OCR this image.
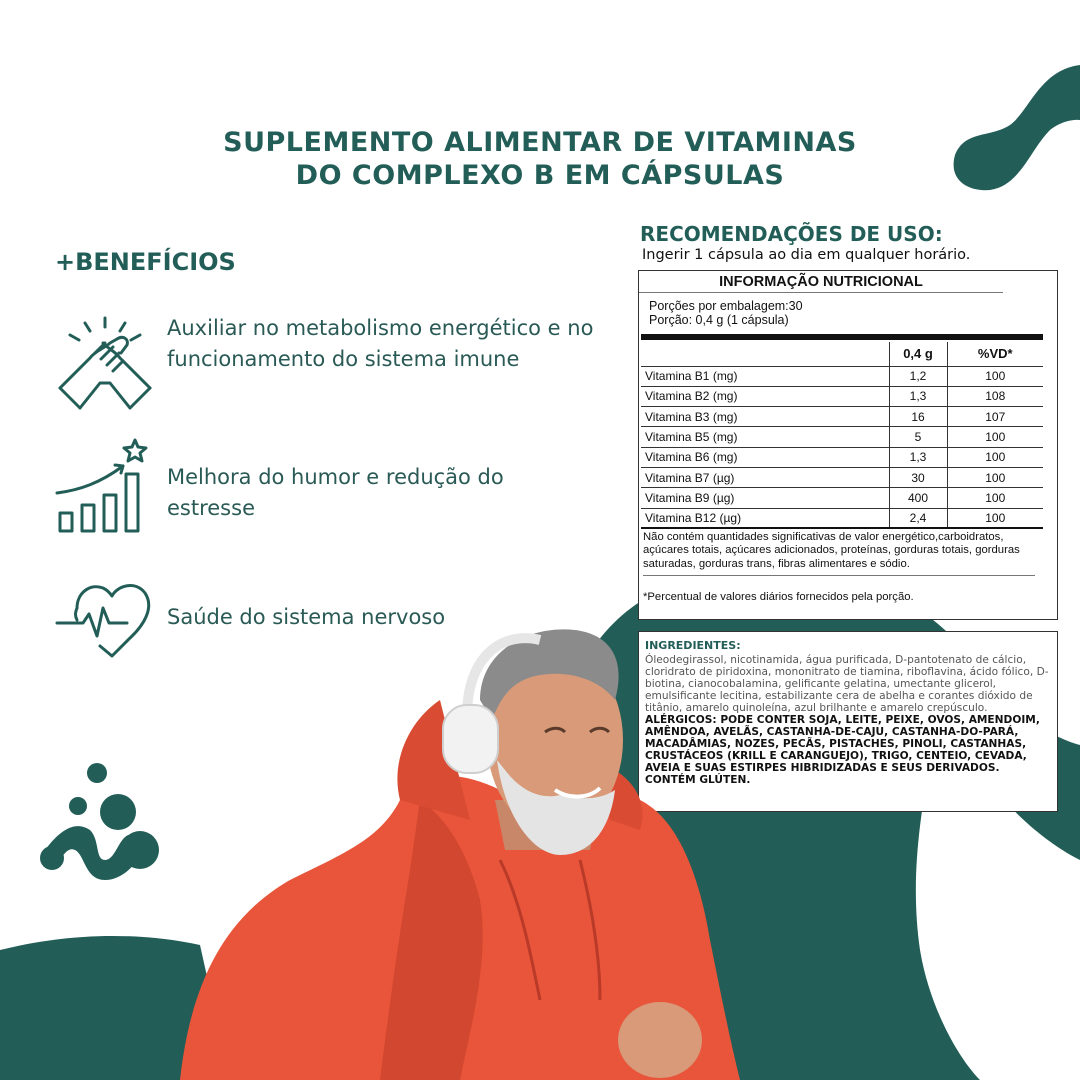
SUPLEMENTO ALIMENTAR DE VITAMINAS
DO COMPLEXO B EM CÁPSULAS
+BENEFÍCIOS
Auxiliar no metabolismo energético e no funcionamento do sistema imune
Melhora do humor e redução do estresse
Saúde do sistema nervoso
RECOMENDAÇÕES DE USO:
Ingerir 1 cápsula ao dia em qualquer horário.
INFORMAÇÃO NUTRICIONAL
Porções por embalagem:30
Porção: 0,4 g (1 cápsula)
	0,4 g	%VD*
Vitamina B1 (mg)	1,2	100
Vitamina B2 (mg)	1,3	108
Vitamina B3 (mg)	16	107
Vitamina B5 (mg)	5	100
Vitamina B6 (mg)	1,3	100
Vitamina B7 (µg)	30	100
Vitamina B9 (µg)	400	100
Vitamina B12 (µg)	2,4	100
Não contém quantidades significativas de valor energético,carboidratos, açúcares totais, açúcares adicionados, proteínas, gorduras totais, gorduras saturadas, gorduras trans, fibras alimentares e sódio.
*Percentual de valores diários fornecidos pela porção.
INGREDIENTES:
Óleodegirassol, nicotinamida, água purificada, D-pantotenato de cálcio, cloridrato de piridoxina, mononitrato de tiamina, riboflavina, ácido fólico, D-biotina, cianocobalamina, gelificante gelatina, umectante glicerol, emulsificante lecitina, estabilizante cera de abelha e corantes dióxido de titânio, amarelo quinoleína, azul brilhante e amarelo crepúsculo. ALÉRGICOS: PODE CONTER SOJA, LEITE, PEIXE, OVOS, AMENDOIM, AMÊNDOA, AVELÃS, CASTANHA-DE-CAJU, CASTANHA-DO-PARÁ, MACADÂMIAS, NOZES, PECÃS, PISTACHES, PINOLI, CASTANHAS, CRUSTÁCEOS (KRILL E CARANGUEJO), TRIGO, CENTEIO, CEVADA, AVEIA E SUAS ESTIRPES HIBRIDIZADAS E SEUS DERIVADOS. CONTÉM GLÚTEN.
